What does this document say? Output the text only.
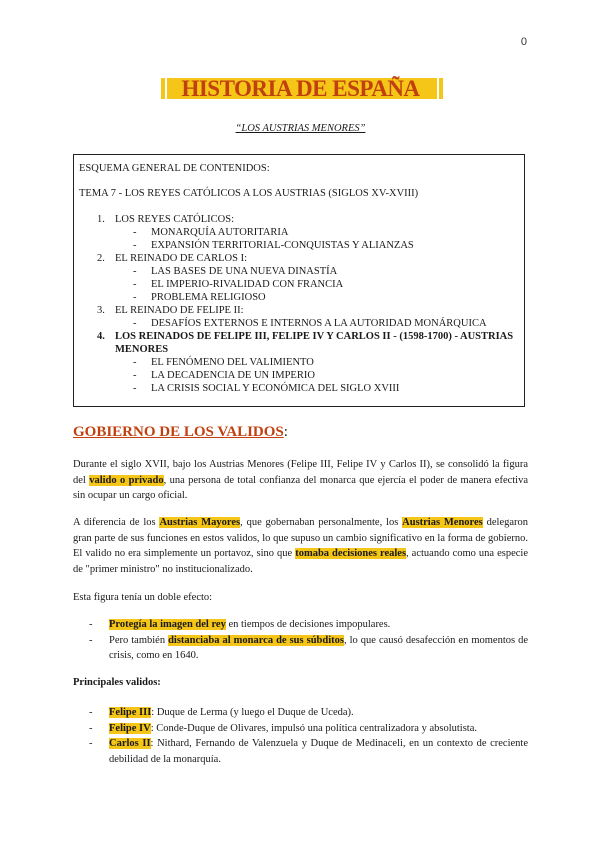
0
HISTORIA DE ESPAÑA
“LOS AUSTRIAS MENORES”
ESQUEMA GENERAL DE CONTENIDOS:
TEMA 7 - LOS REYES CATÓLICOS A LOS AUSTRIAS (SIGLOS XV-XVIII)
1. LOS REYES CATÓLICOS:
- MONARQUÍA AUTORITARIA
- EXPANSIÓN TERRITORIAL-CONQUISTAS Y ALIANZAS
2. EL REINADO DE CARLOS I:
- LAS BASES DE UNA NUEVA DINASTÍA
- EL IMPERIO-RIVALIDAD CON FRANCIA
- PROBLEMA RELIGIOSO
3. EL REINADO DE FELIPE II:
- DESAFÍOS EXTERNOS E INTERNOS A LA AUTORIDAD MONÁRQUICA
4. LOS REINADOS DE FELIPE III, FELIPE IV Y CARLOS II - (1598-1700) - AUSTRIAS MENORES
- EL FENÓMENO DEL VALIMIENTO
- LA DECADENCIA DE UN IMPERIO
- LA CRISIS SOCIAL Y ECONÓMICA DEL SIGLO XVIII
GOBIERNO DE LOS VALIDOS:

Durante el siglo XVII, bajo los Austrias Menores (Felipe III, Felipe IV y Carlos II), se consolidó la figura del valido o privado, una persona de total confianza del monarca que ejercía el poder de manera efectiva sin ocupar un cargo oficial.

A diferencia de los Austrias Mayores, que gobernaban personalmente, los Austrias Menores delegaron gran parte de sus funciones en estos validos, lo que supuso un cambio significativo en la forma de gobierno. El valido no era simplemente un portavoz, sino que tomaba decisiones reales, actuando como una especie de "primer ministro" no institucionalizado.

Esta figura tenía un doble efecto:

- Protegía la imagen del rey en tiempos de decisiones impopulares.
- Pero también distanciaba al monarca de sus súbditos, lo que causó desafección en momentos de crisis, como en 1640.
Principales validos:
- Felipe III: Duque de Lerma (y luego el Duque de Uceda).
- Felipe IV: Conde-Duque de Olivares, impulsó una política centralizadora y absolutista.
- Carlos II: Nithard, Fernando de Valenzuela y Duque de Medinaceli, en un contexto de creciente debilidad de la monarquía.
